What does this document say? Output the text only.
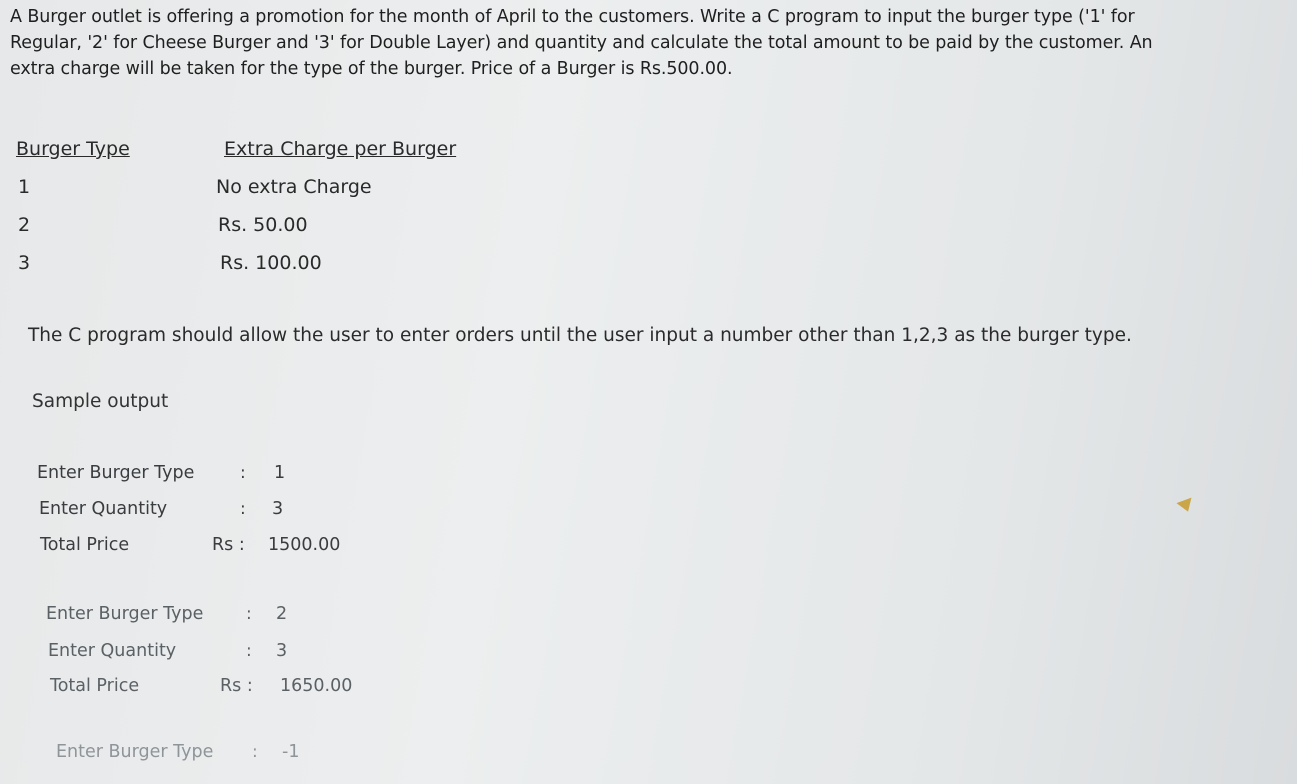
A Burger outlet is offering a promotion for the month of April to the customers. Write a C program to input the burger type ('1' for

Regular, '2' for Cheese Burger and '3' for Double Layer) and quantity and calculate the total amount to be paid by the customer. An

extra charge will be taken for the type of the burger. Price of a Burger is Rs.500.00.

Burger Type	Extra Charge per Burger
1	No extra Charge
2	Rs. 50.00
3	Rs. 100.00
The C program should allow the user to enter orders until the user input a number other than 1,2,3 as the burger type.
Sample output
Enter Burger Type	: 1
Enter Quantity	: 3
Total Price	Rs : 1500.00
Enter Burger Type	: 2
Enter Quantity	: 3
Total Price	Rs : 1650.00
Enter Burger Type : -1
